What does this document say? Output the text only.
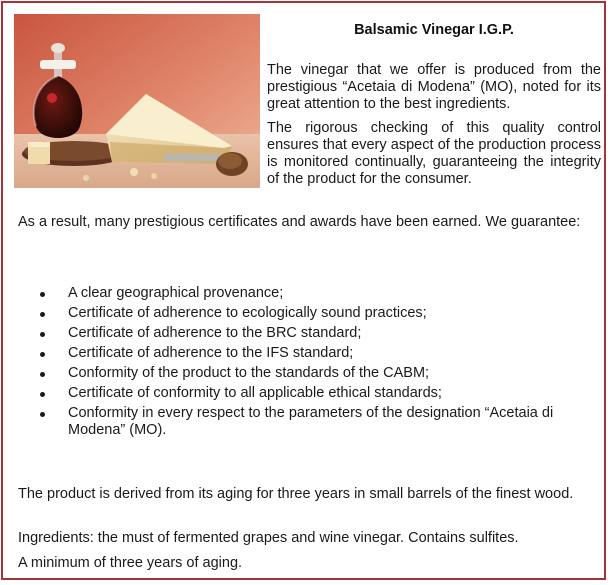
Balsamic Vinegar I.G.P.

The vinegar that we offer is produced from the prestigious “Acetaia di Modena” (MO), noted for its great attention to the best ingredients.

The rigorous checking of this quality control ensures that every aspect of the production process is monitored continually, guaranteeing the integrity of the product for the consumer.

As a result, many prestigious certificates and awards have been earned. We guarantee:

A clear geographical provenance;
Certificate of adherence to ecologically sound practices;
Certificate of adherence to the BRC standard;
Certificate of adherence to the IFS standard;
Conformity of the product to the standards of the CABM;
Certificate of conformity to all applicable ethical standards;
Conformity in every respect to the parameters of the designation “Acetaia di Modena” (MO).

The product is derived from its aging for three years in small barrels of the finest wood.

Ingredients: the must of fermented grapes and wine vinegar. Contains sulfites.

A minimum of three years of aging.
